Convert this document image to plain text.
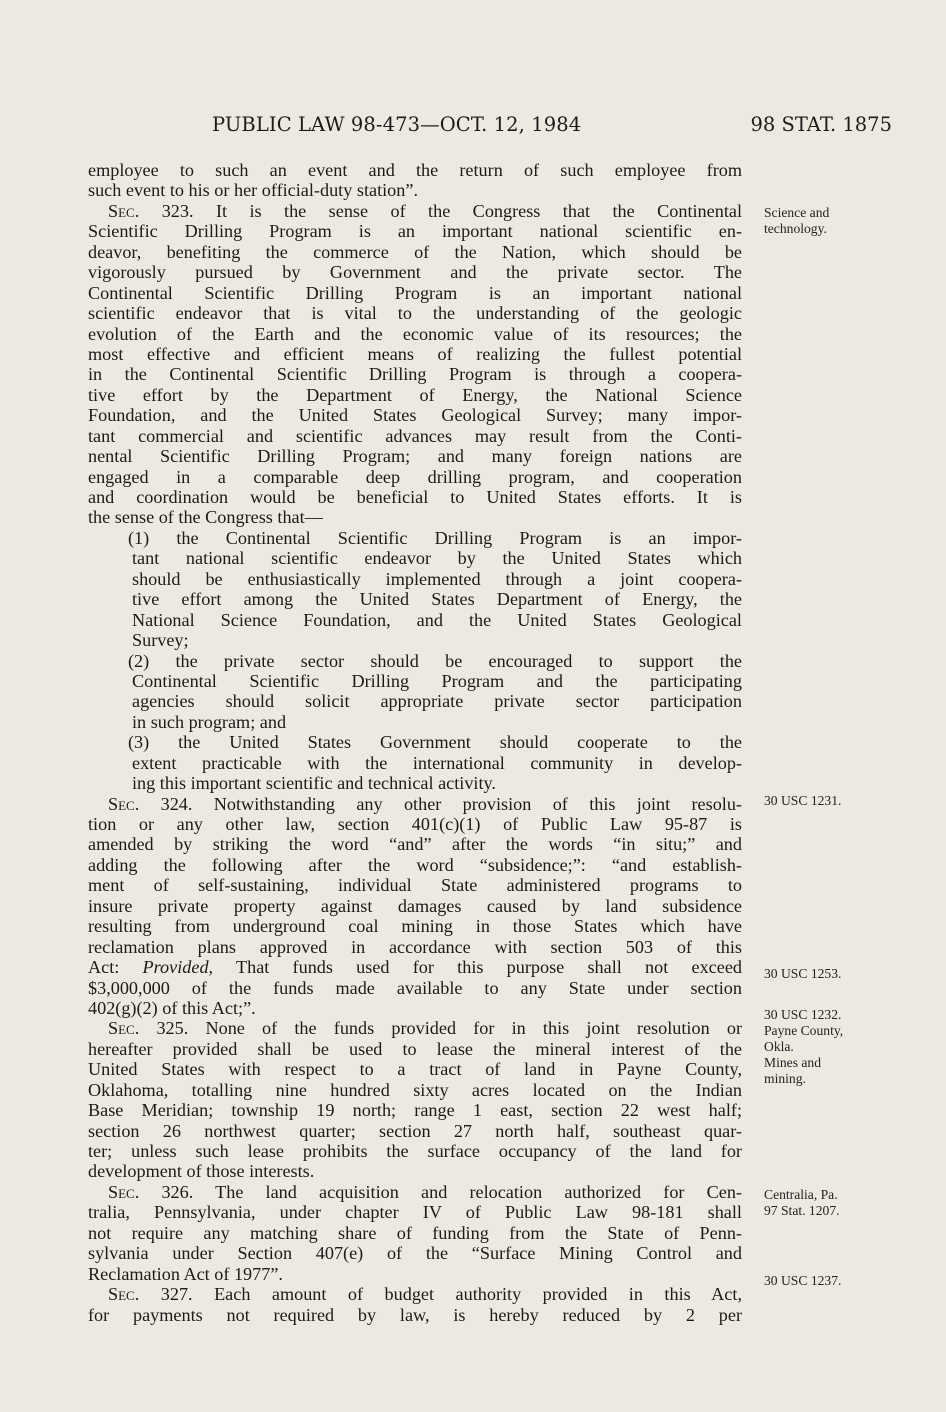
PUBLIC LAW 98-473—OCT. 12, 1984	98 STAT. 1875
employee to such an event and the return of such employee from
such event to his or her official-duty station”.
Sec. 323. It is the sense of the Congress that the Continental
Scientific Drilling Program is an important national scientific en-
deavor, benefiting the commerce of the Nation, which should be
vigorously pursued by Government and the private sector. The
Continental Scientific Drilling Program is an important national
scientific endeavor that is vital to the understanding of the geologic
evolution of the Earth and the economic value of its resources; the
most effective and efficient means of realizing the fullest potential
in the Continental Scientific Drilling Program is through a coopera-
tive effort by the Department of Energy, the National Science
Foundation, and the United States Geological Survey; many impor-
tant commercial and scientific advances may result from the Conti-
nental Scientific Drilling Program; and many foreign nations are
engaged in a comparable deep drilling program, and cooperation
and coordination would be beneficial to United States efforts. It is
the sense of the Congress that—
(1) the Continental Scientific Drilling Program is an impor-
tant national scientific endeavor by the United States which
should be enthusiastically implemented through a joint coopera-
tive effort among the United States Department of Energy, the
National Science Foundation, and the United States Geological
Survey;
(2) the private sector should be encouraged to support the
Continental Scientific Drilling Program and the participating
agencies should solicit appropriate private sector participation
in such program; and
(3) the United States Government should cooperate to the
extent practicable with the international community in develop-
ing this important scientific and technical activity.
Sec. 324. Notwithstanding any other provision of this joint resolu-
tion or any other law, section 401(c)(1) of Public Law 95-87 is
amended by striking the word “and” after the words “in situ;” and
adding the following after the word “subsidence;”: “and establish-
ment of self-sustaining, individual State administered programs to
insure private property against damages caused by land subsidence
resulting from underground coal mining in those States which have
reclamation plans approved in accordance with section 503 of this
Act: Provided, That funds used for this purpose shall not exceed
$3,000,000 of the funds made available to any State under section
402(g)(2) of this Act;”.
Sec. 325. None of the funds provided for in this joint resolution or
hereafter provided shall be used to lease the mineral interest of the
United States with respect to a tract of land in Payne County,
Oklahoma, totalling nine hundred sixty acres located on the Indian
Base Meridian; township 19 north; range 1 east, section 22 west half;
section 26 northwest quarter; section 27 north half, southeast quar-
ter; unless such lease prohibits the surface occupancy of the land for
development of those interests.
Sec. 326. The land acquisition and relocation authorized for Cen-
tralia, Pennsylvania, under chapter IV of Public Law 98-181 shall
not require any matching share of funding from the State of Penn-
sylvania under Section 407(e) of the “Surface Mining Control and
Reclamation Act of 1977”.
Sec. 327. Each amount of budget authority provided in this Act,
for payments not required by law, is hereby reduced by 2 per
Science and
technology.
30 USC 1231.
30 USC 1253.
30 USC 1232.
Payne County,
Okla.
Mines and
mining.
Centralia, Pa.
97 Stat. 1207.
30 USC 1237.
